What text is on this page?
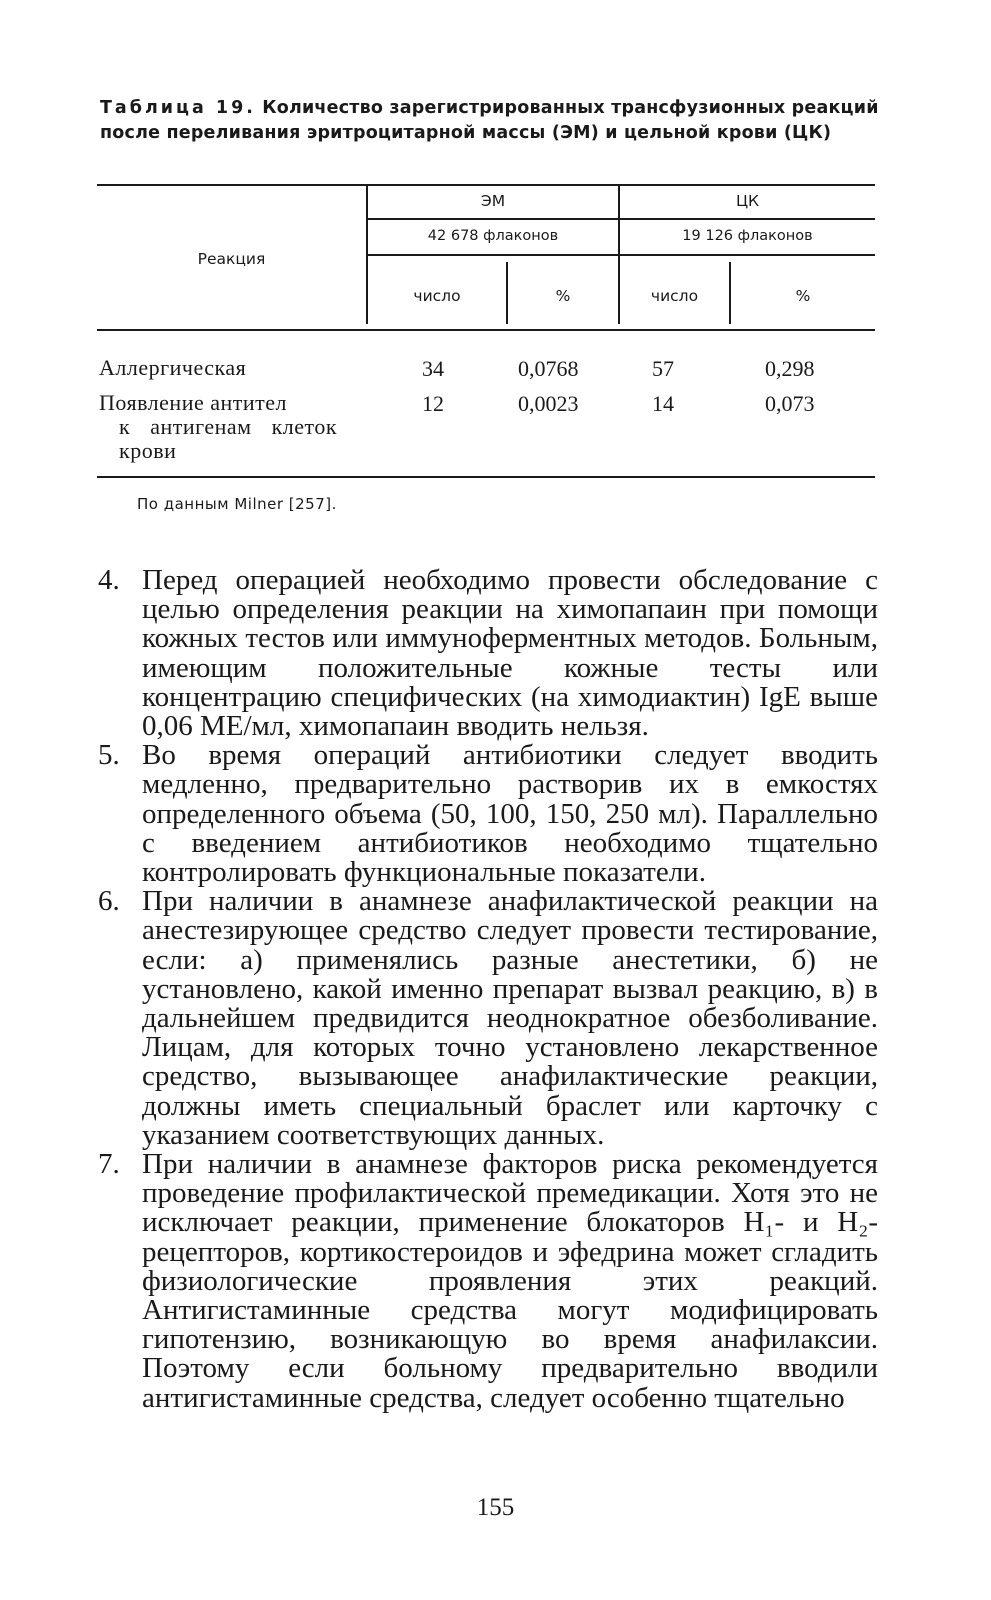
Таблица 19. Количество зарегистрированных трансфузионных реакций после переливания эритроцитарной массы (ЭМ) и цельной крови (ЦК)
Реакция
ЭМ	ЦК
42 678 флаконов	19 126 флаконов
число	%	число	%
Аллергическая	34	0,0768	57	0,298
Появление антител
к антигенам клеток
крови
12	0,0023	14	0,073
По данным Milner [257].
4. Перед операцией необходимо провести обследование с целью определения реакции на химопапаин при помощи кожных тестов или иммуноферментных методов. Больным, имеющим положительные кожные тесты или концентрацию специфических (на химодиактин) IgE выше 0,06 МЕ/мл, химопапаин вводить нельзя.
5. Во время операций антибиотики следует вводить медленно, предварительно растворив их в емкостях определенного объема (50, 100, 150, 250 мл). Параллельно с введением антибиотиков необходимо тщательно контролировать функциональные показатели.
6. При наличии в анамнезе анафилактической реакции на анестезирующее средство следует провести тестирование, если: а) применялись разные анестетики, б) не установлено, какой именно препарат вызвал реакцию, в) в дальнейшем предвидится неоднократное обезболивание. Лицам, для которых точно установлено лекарственное средство, вызывающее анафилактические реакции, должны иметь специальный браслет или карточку с указанием соответствующих данных.
7. При наличии в анамнезе факторов риска рекомендуется проведение профилактической премедикации. Хотя это не исключает реакции, применение блокаторов H₁- и H₂-рецепторов, кортикостероидов и эфедрина может сгладить физиологические проявления этих реакций. Антигистаминные средства могут модифицировать гипотензию, возникающую во время анафилаксии. Поэтому если больному предварительно вводили антигистаминные средства, следует особенно тщательно
155
